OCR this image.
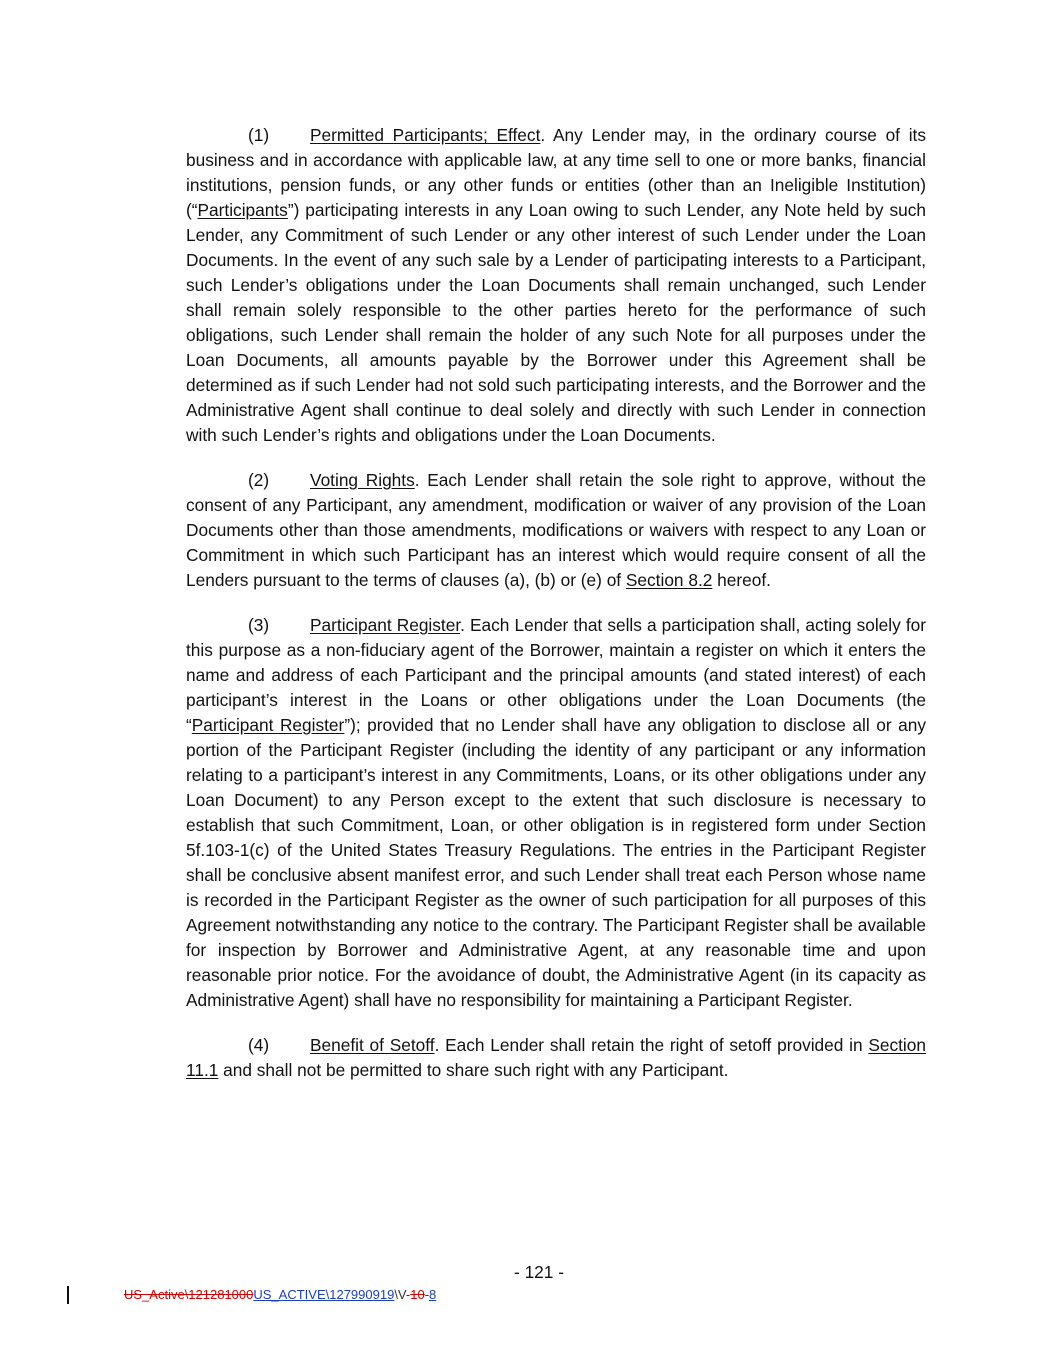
(1) Permitted Participants; Effect. Any Lender may, in the ordinary course of its business and in accordance with applicable law, at any time sell to one or more banks, financial institutions, pension funds, or any other funds or entities (other than an Ineligible Institution) (“Participants”) participating interests in any Loan owing to such Lender, any Note held by such Lender, any Commitment of such Lender or any other interest of such Lender under the Loan Documents. In the event of any such sale by a Lender of participating interests to a Participant, such Lender’s obligations under the Loan Documents shall remain unchanged, such Lender shall remain solely responsible to the other parties hereto for the performance of such obligations, such Lender shall remain the holder of any such Note for all purposes under the Loan Documents, all amounts payable by the Borrower under this Agreement shall be determined as if such Lender had not sold such participating interests, and the Borrower and the Administrative Agent shall continue to deal solely and directly with such Lender in connection with such Lender’s rights and obligations under the Loan Documents.

(2) Voting Rights. Each Lender shall retain the sole right to approve, without the consent of any Participant, any amendment, modification or waiver of any provision of the Loan Documents other than those amendments, modifications or waivers with respect to any Loan or Commitment in which such Participant has an interest which would require consent of all the Lenders pursuant to the terms of clauses (a), (b) or (e) of Section 8.2 hereof.

(3) Participant Register. Each Lender that sells a participation shall, acting solely for this purpose as a non-fiduciary agent of the Borrower, maintain a register on which it enters the name and address of each Participant and the principal amounts (and stated interest) of each participant’s interest in the Loans or other obligations under the Loan Documents (the “Participant Register”); provided that no Lender shall have any obligation to disclose all or any portion of the Participant Register (including the identity of any participant or any information relating to a participant’s interest in any Commitments, Loans, or its other obligations under any Loan Document) to any Person except to the extent that such disclosure is necessary to establish that such Commitment, Loan, or other obligation is in registered form under Section 5f.103-1(c) of the United States Treasury Regulations. The entries in the Participant Register shall be conclusive absent manifest error, and such Lender shall treat each Person whose name is recorded in the Participant Register as the owner of such participation for all purposes of this Agreement notwithstanding any notice to the contrary. The Participant Register shall be available for inspection by Borrower and Administrative Agent, at any reasonable time and upon reasonable prior notice. For the avoidance of doubt, the Administrative Agent (in its capacity as Administrative Agent) shall have no responsibility for maintaining a Participant Register.

(4) Benefit of Setoff. Each Lender shall retain the right of setoff provided in Section 11.1 and shall not be permitted to share such right with any Participant.

- 121 -
US_Active\121281000US_ACTIVE\127990919\V-10-8
